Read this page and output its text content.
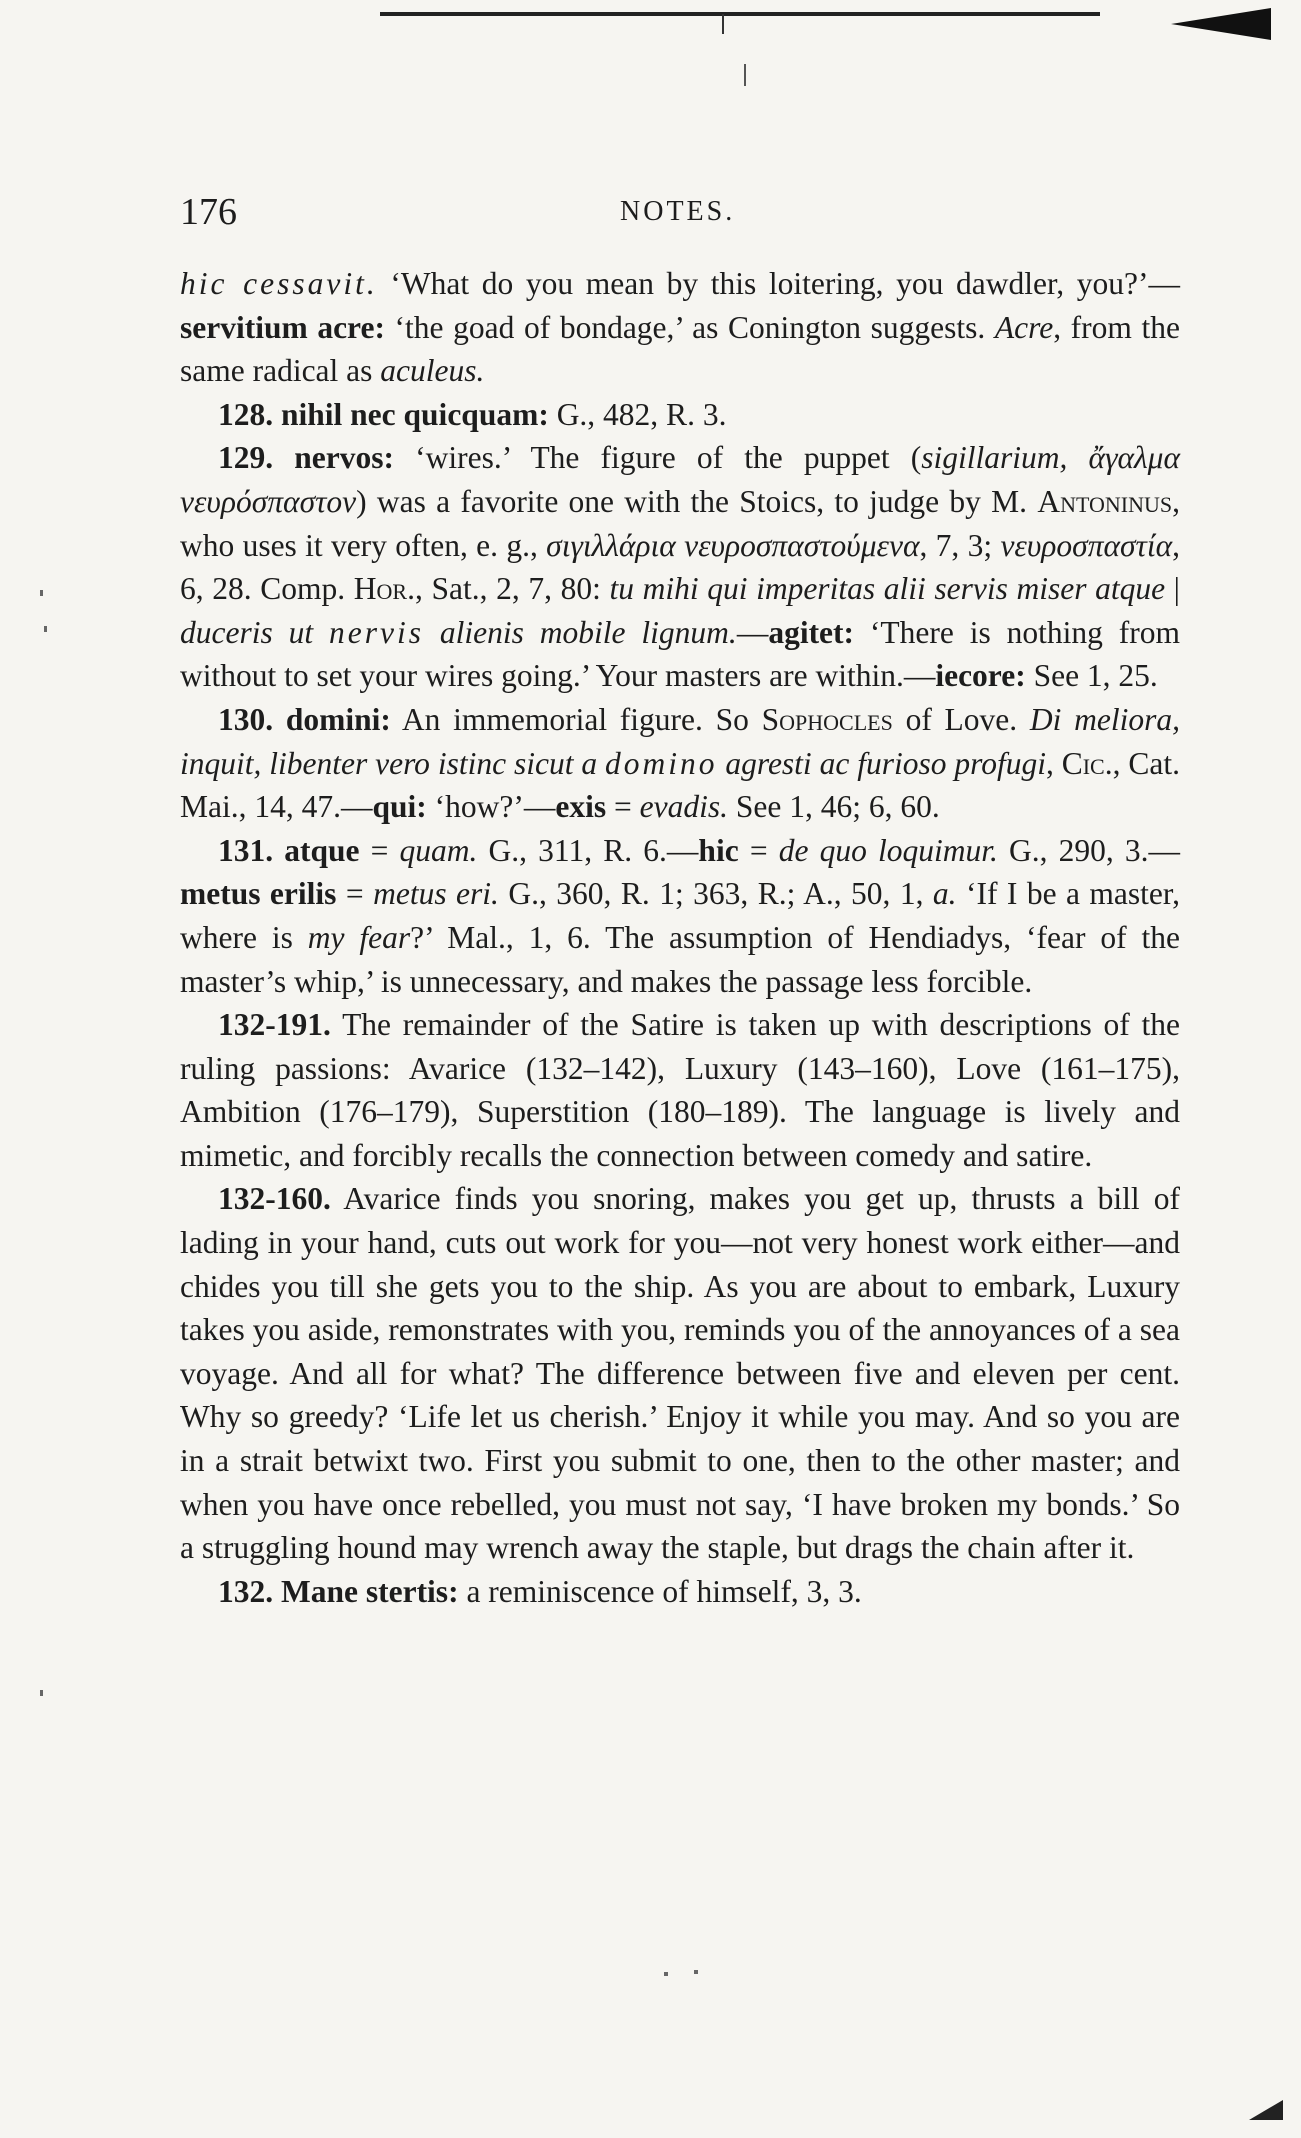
176	NOTES.

hic cessavit. ‘What do you mean by this loitering, you dawdler, you?’—servitium acre: ‘the goad of bondage,’ as Conington suggests. Acre, from the same radical as aculeus.

128. nihil nec quicquam: G., 482, R. 3.

129. nervos: ‘wires.’ The figure of the puppet (sigillarium, ἄγαλμα νευρόσπαστον) was a favorite one with the Stoics, to judge by M. Antoninus, who uses it very often, e. g., σιγιλλάρια νευροσπαστούμενα, 7, 3; νευροσπαστία, 6, 28. Comp. Hor., Sat., 2, 7, 80: tu mihi qui imperitas alii servis miser atque | duceris ut nervis alienis mobile lignum.—agitet: ‘There is nothing from without to set your wires going.’ Your masters are within.—iecore: See 1, 25.

130. domini: An immemorial figure. So Sophocles of Love. Di meliora, inquit, libenter vero istinc sicut a domino agresti ac furioso profugi, Cic., Cat. Mai., 14, 47.—qui: ‘how?’—exis = evadis. See 1, 46; 6, 60.

131. atque = quam. G., 311, R. 6.—hic = de quo loquimur. G., 290, 3.—metus erilis = metus eri. G., 360, R. 1; 363, R.; A., 50, 1, a. ‘If I be a master, where is my fear?’ Mal., 1, 6. The assumption of Hendiadys, ‘fear of the master’s whip,’ is unnecessary, and makes the passage less forcible.

132-191. The remainder of the Satire is taken up with descriptions of the ruling passions: Avarice (132–142), Luxury (143–160), Love (161–175), Ambition (176–179), Superstition (180–189). The language is lively and mimetic, and forcibly recalls the connection between comedy and satire.

132-160. Avarice finds you snoring, makes you get up, thrusts a bill of lading in your hand, cuts out work for you—not very honest work either—and chides you till she gets you to the ship. As you are about to embark, Luxury takes you aside, remonstrates with you, reminds you of the annoyances of a sea voyage. And all for what? The difference between five and eleven per cent. Why so greedy? ‘Life let us cherish.’ Enjoy it while you may. And so you are in a strait betwixt two. First you submit to one, then to the other master; and when you have once rebelled, you must not say, ‘I have broken my bonds.’ So a struggling hound may wrench away the staple, but drags the chain after it.

132. Mane stertis: a reminiscence of himself, 3, 3.
